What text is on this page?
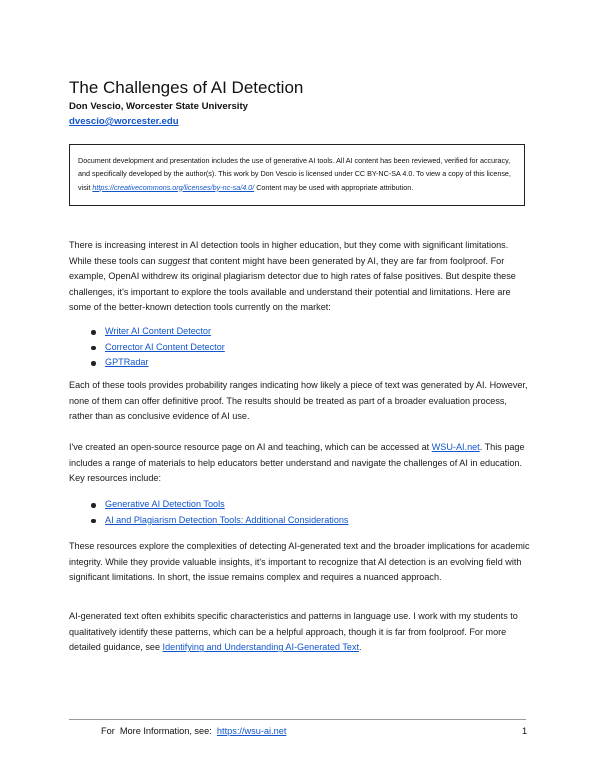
The Challenges of AI Detection
Don Vescio, Worcester State University
dvescio@worcester.edu
Document development and presentation includes the use of generative AI tools. All AI content has been reviewed, verified for accuracy, and specifically developed by the author(s). This work by Don Vescio is licensed under CC BY-NC-SA 4.0. To view a copy of this license, visit https://creativecommons.org/licenses/by-nc-sa/4.0/ Content may be used with appropriate attribution.
There is increasing interest in AI detection tools in higher education, but they come with significant limitations. While these tools can suggest that content might have been generated by AI, they are far from foolproof. For example, OpenAI withdrew its original plagiarism detector due to high rates of false positives. But despite these challenges, it's important to explore the tools available and understand their potential and limitations. Here are some of the better-known detection tools currently on the market:
Writer AI Content Detector
Corrector AI Content Detector
GPTRadar
Each of these tools provides probability ranges indicating how likely a piece of text was generated by AI. However, none of them can offer definitive proof. The results should be treated as part of a broader evaluation process, rather than as conclusive evidence of AI use.
I've created an open-source resource page on AI and teaching, which can be accessed at WSU-AI.net. This page includes a range of materials to help educators better understand and navigate the challenges of AI in education. Key resources include:
Generative AI Detection Tools
AI and Plagiarism Detection Tools: Additional Considerations
These resources explore the complexities of detecting AI-generated text and the broader implications for academic integrity. While they provide valuable insights, it's important to recognize that AI detection is an evolving field with significant limitations. In short, the issue remains complex and requires a nuanced approach.
AI-generated text often exhibits specific characteristics and patterns in language use. I work with my students to qualitatively identify these patterns, which can be a helpful approach, though it is far from foolproof. For more detailed guidance, see Identifying and Understanding AI-Generated Text.
For  More Information, see: https://wsu-ai.net	1
